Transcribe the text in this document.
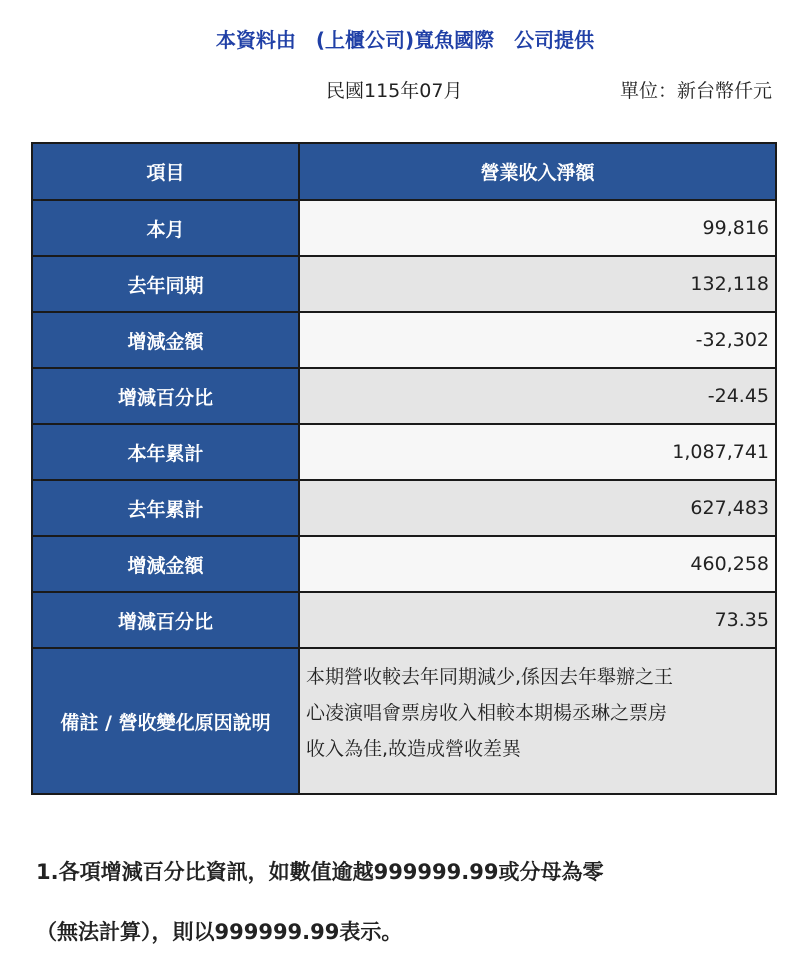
本資料由　(上櫃公司)寬魚國際　公司提供
民國115年07月	單位：新台幣仟元
項目	營業收入淨額
本月	99,816
去年同期	132,118
增減金額	-32,302
增減百分比	-24.45
本年累計	1,087,741
去年累計	627,483
增減金額	460,258
增減百分比	73.35
備註 / 營收變化原因說明	本期營收較去年同期減少,係因去年舉辦之王
心凌演唱會票房收入相較本期楊丞琳之票房
收入為佳,故造成營收差異
1.各項增減百分比資訊，如數值逾越999999.99或分母為零
（無法計算），則以999999.99表示。
